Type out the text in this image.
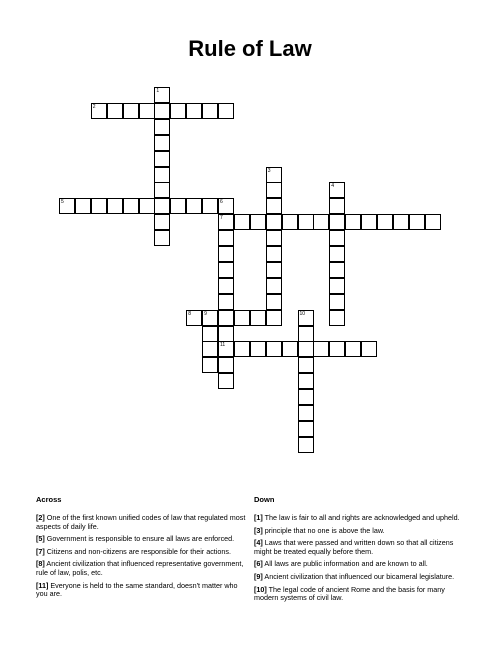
Rule of Law
1
2
3
4
5	6
7
11
8	9	10
Across
[2] One of the first known unified codes of law that regulated most aspects of daily life.
[5] Government is responsible to ensure all laws are enforced.
[7] Citizens and non-citizens are responsible for their actions.
[8] Ancient civilization that influenced representative government, rule of law, polis, etc.
[11] Everyone is held to the same standard, doesn't matter who you are.
Down
[1] The law is fair to all and rights are acknowledged and upheld.
[3] principle that no one is above the law.
[4] Laws that were passed and written down so that all citizens might be treated equally before them.
[6] All laws are public information and are known to all.
[9] Ancient civilization that influenced our bicameral legislature.
[10] The legal code of ancient Rome and the basis for many modern systems of civil law.
